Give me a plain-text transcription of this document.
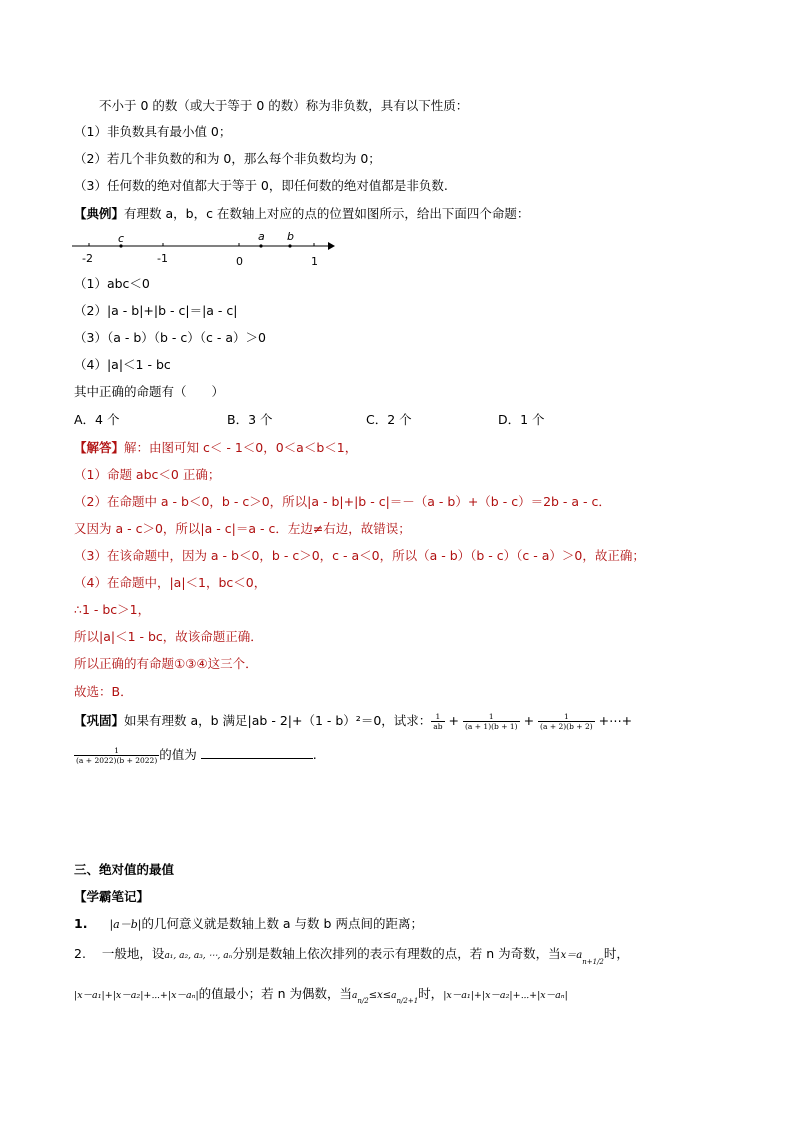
不小于 0 的数（或大于等于 0 的数）称为非负数，具有以下性质：
（1）非负数具有最小值 0；
（2）若几个非负数的和为 0，那么每个非负数均为 0；
（3）任何数的绝对值都大于等于 0，即任何数的绝对值都是非负数.
【典例】有理数 a，b，c 在数轴上对应的点的位置如图所示，给出下面四个命题：
-2	-1	0	1
c	a b
（1）abc＜0
（2）|a - b|+|b - c|＝|a - c|
（3）（a - b）（b - c）（c - a）＞0
（4）|a|＜1 - bc
其中正确的命题有（　　）
A．4 个	B．3 个	C．2 个	D．1 个
【解答】解：由图可知 c＜ - 1＜0，0＜a＜b＜1，
（1）命题 abc＜0 正确；
（2）在命题中 a - b＜0，b - c＞0，所以|a - b|+|b - c|＝－（a - b）+（b - c）＝2b - a - c．
又因为 a - c＞0，所以|a - c|＝a - c．左边≠右边，故错误；
（3）在该命题中，因为 a - b＜0，b - c＞0，c - a＜0，所以（a - b）（b - c）（c - a）＞0，故正确；
（4）在命题中，|a|＜1，bc＜0，
∴1 - bc＞1，
所以|a|＜1 - bc，故该命题正确．
所以正确的有命题①③④这三个．
故选：B．
【巩固】如果有理数 a，b 满足|ab - 2|+（1 - b）²＝0，试求： $\frac{1}{ab} + \frac{1}{(a + 1)(b + 1)} + \frac{1}{(a + 2)(b + 2)}$ +⋯+
$\frac{1}{(a + 2022)(b + 2022)}$ 的值为	.
三、绝对值的最值
【学霸笔记】
1. |a－b|的几何意义就是数轴上数 a 与数 b 两点间的距离；
2. 一般地，设a₁, a₂, a₃, ⋯, aₙ分别是数轴上依次排列的表示有理数的点，若 n 为奇数，当$x=a_{n+1/2}$时，
|x－a₁|+|x－a₂|+⋯+|x－aₙ|的值最小；若 n 为偶数，当$a_{n/2}\le x\le a_{n/2+1}$时，|x－a₁|+|x－a₂|+⋯+|x－aₙ|
